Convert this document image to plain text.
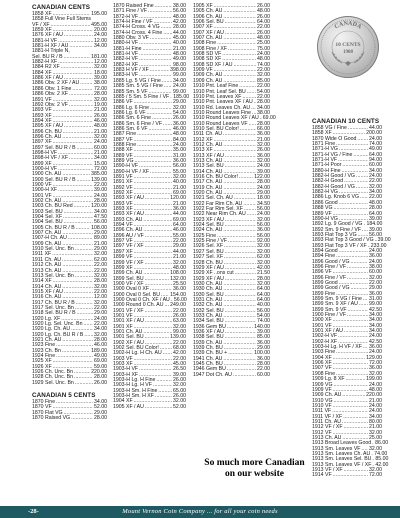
CANADIAN CENTS
1858 XF .....	195.00
1858 Full Vine Full Stems
VF / XF .....	495.00
1859 XF .....	20.00
1876 XF / AU .....	24.00
1881-H VF .....	12.00
1881-H XF / AU .....	34.00
1881-H Triple N,
Sel. BU R / B .....	181.00
1882-H XF .....	12.00
1884 R2 XF .....	32.00
1884 XF .....	18.00
1886 XF / AU .....	39.00
1886 Obv. 2 XF / AU .....	38.00
1886 Obv. 1 Fine .....	72.00
1886 Obv. 2 XF .....	28.00
1891 VF .....	32.00
1892 Obv. 2 VF .....	19.00
1893 VF .....	21.00
1893 XF .....	26.00
1894 XF .....	46.00
1895 XF / AU .....	48.00
1896 Ch. BU .....	21.00
1896 Ch. AU .....	32.00
1897 XF .....	24.00
1897 Sel. BU R / B .....	60.00
1898-H VF .....	21.00
1898-H VF / XF .....	34.00
1899 XF .....	15.00
1900-H VF .....	72.00
1900 Ch. AU .....	385.00
1900 Sel. BU R / B .....	139.00
1900 VF .....	22.00
1900-H XF .....	39.00
1901 VF .....	24.00
1902 Ch. AU .....	28.00
1903 Ch. BU Red .....	120.00
1903 Sel. BU .....	34.00
1904 Sel. XF .....	47.50
1904 Sel. BU .....	56.00
1905 Ch. BU R / B .....	108.00
1907 Ch. AU .....	29.00
1907-H Ch. AU .....	89.00
1909 Ch. AU .....	21.00
1910 Sel. Unc. Bn .....	29.00
1911 XF .....	32.00
1911 Ch. AU .....	62.00
1912 Ch. AU .....	22.00
1913 Ch. AU .....	22.00
1913 Sel. Unc. Bn .....	32.00
1914 XF .....	28.00
1914 Ch. AU .....	32.00
1915 XF / AU .....	22.00
1916 Ch. AU .....	12.00
1917 Ch. BU R / B .....	32.00
1917 Sel. Unc. Bn .....	22.00
1918 Sel. BU R / B .....	29.00
1920 Lg. XF .....	24.00
1920 Lg. Sel. Unc. Bn ..... 22.00
1920 Lg. Ch. AU .....	34.00
1920 Lg. Ch. BU R / B ..... 32.00
1921 Ch. AU .....	28.00
1923 Fine .....	46.00
1923 Ch. Bn .....	189.00
1924 Fine .....	49.00
1925 XF .....	69.00
1926 XF .....	59.00
1926 Ch. Unc. Bn .....	220.00
1928 Ch. Unc. Bn .....	28.00
1929 Sel. Unc. Bn .....	26.00
CANADIAN 5 CENTS
1870 Fine .....	34.00
1870 VF .....	52.00
1870 Flat VG .....	29.00
1870 Raised VG .....	28.00
1870 Raised Fine .....	38.00
1871 Fine / VF .....	56.00
1872-H VF .....	48.00
1874-H Fine / VF .....	42.00
1874-H Cross. 4 VG .....	28.00
1874-H Cross. 4 Fine ..... 44.00
1880 Obv. 3 VF .....	45.00
1880-H VF .....	40.00
1881-H Fine .....	21.00
1881-H VF .....	48.00
1882-H VF .....	49.00
1882-H XF .....	98.00
1883 H VF / XF .....	398.00
1883-H VF .....	99.00
1885 Lg. 5 VG / Fine ..... 34.00
1885 Sm. 5 VG / Fine ..... 24.00
1885 Sm. 5 VF .....	99.00
1885 / 5 Sm. 5 Fine / VF ..... 185.00
1886 VF .....	29.00
1886 Lg. 6 Fine .....	32.00
1886 Lg. 6 VF .....	54.00
1886 Sm. 6 Fine .....	26.00
1886 Sm. 6 Fine / VF ..... 36.00
1886 Sm. 6 VF .....	46.00
1887 Fine .....	48.00
1887 VF .....	84.00
1888 Fine .....	24.00
1888 XF .....	35.00
1889 VF .....	31.00
1889 VG .....	36.00
1890-H VF .....	56.00
1890-H VF / XF .....	55.00
1891 VF .....	32.00
1891 XF .....	40.00
1892 VF .....	21.00
1892 XF .....	69.00
1893 XF / AU .....	120.00
1893 VF .....	21.00
1893 XF .....	36.00
1893 XF / AU .....	44.00
1893 Ch. AU .....	69.00
1894 VF .....	64.00
1896 Ch. AU .....	46.00
1896 AU / VF .....	55.00
1897 VF .....	22.00
1897 VF / XF .....	29.00
1897 XF .....	44.00
1899 VF .....	21.00
1899 VF / XF .....	32.00
1899 XF .....	48.00
1899 Ch. AU .....	108.00
1899 Sel. BU .....	132.00
1900 VF / XF .....	25.50
1900 Oval 0 XF .....	36.00
1900 Oval 0 Sel. BU ..... 154.00
1900 Oval 0 Ch. XF / AU ..... 56.00
1900 Round 0 Ch. AU ..... 249.00
1901 VF / XF .....	22.00
1901 VF .....	26.00
1901 XF / AU .....	63.00
1901 XF .....	32.00
1901 Ch. AU .....	99.00
1901 Sel. BU .....	139.00
1902 XF / AU .....	22.00
1902 Sel. BU Color! .....	68.00
1902-H Lg. H Ch. AU ..... 42.00
1903 VF .....	22.00
1903 XF .....	45.00
1903-H VF .....	26.50
1903-H XF .....	39.00
1903-H Lg. H Fine .....	26.00
1903-H Lg. H VF .....	32.00
1903-H Sm. H Fine .....	65.00
1903-H Sm. H XF .....	26.00
1904 XF .....	32.00
1905 XF / AU .....	52.00
1905 XF .....	26.00
1905 Ch. AU .....	48.00
1906 Ch. AU .....	26.00
1906 Sel. BU .....	64.00
1907 XF .....	22.00
1907 XF / AU .....	26.00
1907 Ch. AU .....	48.00
1908 Fine .....	25.00
1908 Fine / XF .....	75.00
1908 SD VF .....	24.00
1908 SD XF .....	48.00
1908 SD XF / AU .....	74.00
1909 VF .....	22.00
1909 Ch. AU .....	32.00
1909 Ch. AU .....	85.00
1910 Pnt. Leaf Fine .....	22.00
1910 Pnt. Leaf Sel. BU ..... 54.00
1910 Pnt. Leaves XF .....	22.00
1910 Pnt. Leaves XF / AU ..... 28.00
1910 Rd. Leaves Ch. AU ..... 34.00
1910 Round Leaves Fine ..... 38.00
1910 Round Leaves XF / AU ..... 69.00
1910 Round Leaves VF ..... 28.00
1910 Sel. BU Color! .....	66.00
1911 Ch. AU .....	36.00
1912 XF .....	21.00
1912 Ch. AU .....	32.00
1913 XF .....	26.00
1913 XF / AU .....	36.00
1913 Ch. AU .....	32.00
1913 Sel. BU .....	24.00
1914 Ch. AU .....	39.00
1916 Ch. BU Color! .....	122.00
1917 Ch. AU .....	28.00
1919 Ch. AU .....	24.00
1920 Ch. AU .....	29.00
1921 Sel. Ch. AU .....	18.00
1922 Far Rim Ch. AU .....	34.50
1922 Far Rim Sel. XF .....	56.00
1922 Near Rim Ch. AU ..... 24.00
1923 XF / AU .....	32.00
1924 Sel. BU .....	56.00
1924 Ch. AU .....	36.00
1925 Fine .....	56.00
1925 Fine / VF .....	92.00
1926 Sel. XF .....	32.00
1927 Sel. BU .....	32.00
1927 Sel. XF .....	62.00
1928 Ch. BU .....	32.00
1929 XF / AU .....	42.00
1929 XF ..ons cut .....	21.50
1929 XF / AU .....	28.00
1930 Ch. AU .....	32.00
1930 Ch. AU .....	64.00
1930 Sel. BU .....	64.00
1931 Ch. AU .....	64.00
1932 Ch. AU .....	40.00
1932 Sel. BU .....	56.00
1933 Ch. AU .....	54.00
1934 Sel. BU .....	74.00
1936 Gem BU .....	140.00
1936 XF / AU .....	39.00
1938 Sel. BU .....	85.00
1939 Ch. AU .....	36.00
1939 Ch. BU .....	29.00
1939 Ch. BU + .....	100.00
1941 Ch. AU .....	36.00
1945 Ch. BU .....	28.00
1946 Gem BU .....	22.00
1947 Dot Ch. AU .....	60.00
CANADA
10 CENTS
1908
CANADIAN 10 CENTS
1858 VG / Fine .....	44.00
1858 XF .....	200.00
1870 Wide O Good ..... 24.00
1871 Fine .....	74.00
1871-H VG .....	49.00
1871-H VG / Fine .....	64.00
1871-H VF .....	94.00
1871-H Poor .....	60.00
1880-H Fine .....	34.00
1882-H Good / VG .....	24.00
1882-H Good .....	22.00
1882-H Good / VG .....	32.00
1882-H VG .....	34.00
1886 Lg. Knob 6 VG ..... 22.00
1886 Good .....	48.00
1888 VG .....	28.00
1889 VF .....	64.00
1890-H VG .....	39.00
1892 Lg. 9 Good / VG ..... 184.00
1892 Sm. 9 Fine / VF ..... 39.00
1893 Flat Top 3 VG ..... 56.00
1893 Flat Top 3 Good / VG ..... 39.00
1893 Flat Top 3 VF / XF ..... 233.00
1894 Good .....	24.00
1894 Fine .....	36.00
1896 Good / VG .....	24.00
1896 Fine / VF .....	38.00
1896 VF .....	60.00
1896 Fine / VF .....	32.00
1899 Good .....	22.00
1899 Good / VG .....	29.00
1899 Fine .....	36.00
1899 Sm. 9 VG / Fine ..... 31.00
1899 Sm. 9 XF / AU ..... 99.00
1899 Sm. 9 VF .....	42.50
1900 Fine / VF .....	34.00
1900 XF .....	34.00
1901 VF .....	34.00
1901 XF / AU .....	34.00
1902-H VF .....	24.00
1902-H XF .....	42.50
1903-H Lg. H VF / XF ..... 36.00
1903 Fine .....	24.00
1904 XF .....	129.00
1906 XF .....	72.00
1907 VF .....	36.00
1908 Fine .....	32.00
1909 Lg. 8 XF .....	199.00
1909 VG .....	24.00
1909 VF .....	48.00
1909 Ch. AU .....	220.00
1910 VG .....	21.00
1910 VF .....	24.00
1911 VF .....	24.00
1911 VF / XF .....	34.00
1911 Ch. AU .....	80.00
1912 VF / XF .....	21.00
1912 VF .....	32.00
1913 Ch. AU .....	25.00
1913 Broad Leaves Good ..... 86.00
1913 Sm. Leaves VF ..... 32.00
1913 Sm. Leaves Ch. AU ..... 74.00
1913 Sm. Leaves Sel. BU ..... 85.00
1913 Sm. Leaves VF / XF ..... 42.00
1913 VF / XF .....	32.00
1914 VF .....	72.00
So much more Canadian
on our website
-28-	Mount Vernon Coin Company ... for all your coin needs
